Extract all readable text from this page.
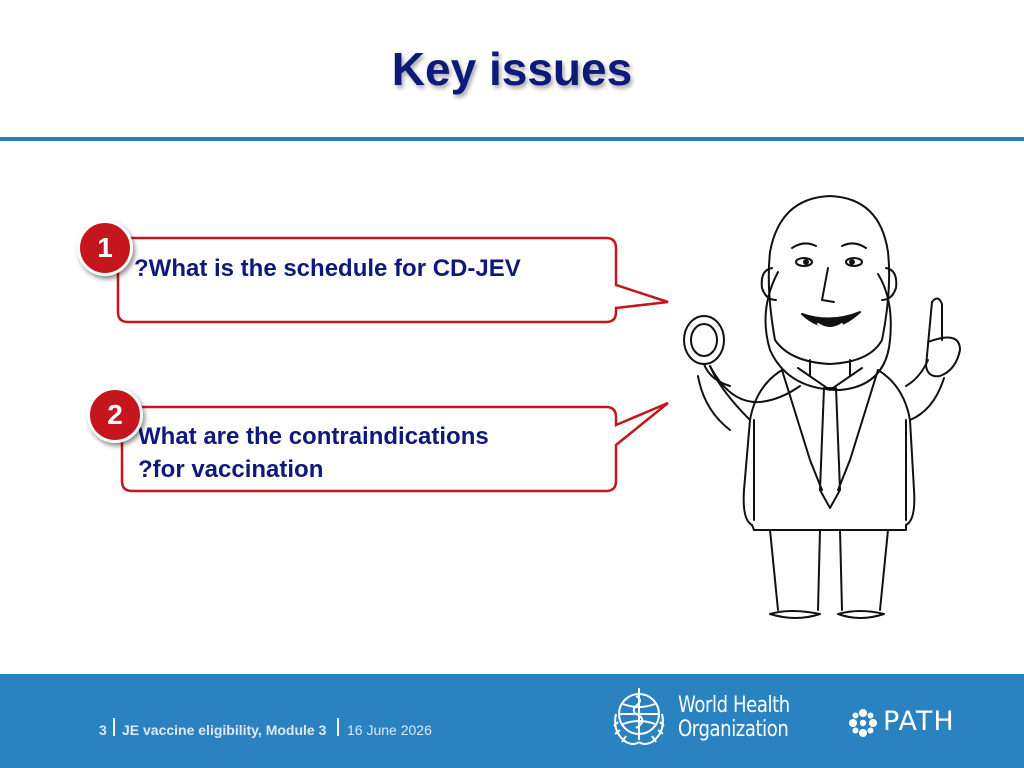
Key issues
?What is the schedule for CD-JEV
What are the contraindications
?for vaccination
1
2
3 JE vaccine eligibility, Module 3 16 June 2026
World Health
Organization	PATH
